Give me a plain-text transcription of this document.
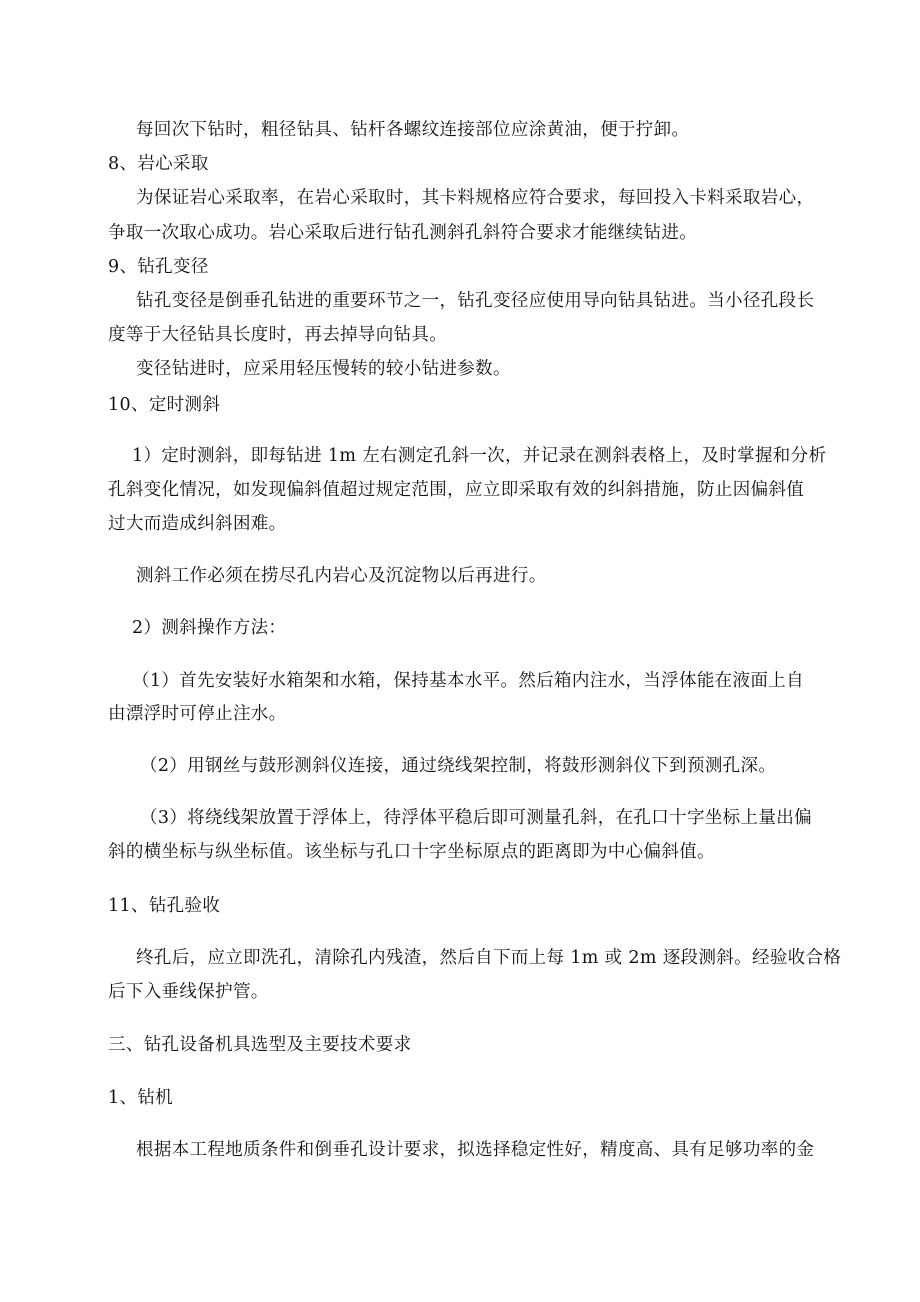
每回次下钻时，粗径钻具、钻杆各螺纹连接部位应涂黄油，便于拧卸。
8、岩心采取
为保证岩心采取率，在岩心采取时，其卡料规格应符合要求，每回投入卡料采取岩心，
争取一次取心成功。岩心采取后进行钻孔测斜孔斜符合要求才能继续钻进。
9、钻孔变径
钻孔变径是倒垂孔钻进的重要环节之一，钻孔变径应使用导向钻具钻进。当小径孔段长
度等于大径钻具长度时，再去掉导向钻具。
变径钻进时，应采用轻压慢转的较小钻进参数。
10、定时测斜
1）定时测斜，即每钻进 1m 左右测定孔斜一次，并记录在测斜表格上，及时掌握和分析
孔斜变化情况，如发现偏斜值超过规定范围，应立即采取有效的纠斜措施，防止因偏斜值
过大而造成纠斜困难。
测斜工作必须在捞尽孔内岩心及沉淀物以后再进行。
2）测斜操作方法：
（1）首先安装好水箱架和水箱，保持基本水平。然后箱内注水，当浮体能在液面上自
由漂浮时可停止注水。
（2）用钢丝与鼓形测斜仪连接，通过绕线架控制，将鼓形测斜仪下到预测孔深。
（3）将绕线架放置于浮体上，待浮体平稳后即可测量孔斜，在孔口十字坐标上量出偏
斜的横坐标与纵坐标值。该坐标与孔口十字坐标原点的距离即为中心偏斜值。
11、钻孔验收
终孔后，应立即洗孔，清除孔内残渣，然后自下而上每 1m 或 2m 逐段测斜。经验收合格
后下入垂线保护管。
三、钻孔设备机具选型及主要技术要求
1、钻机
根据本工程地质条件和倒垂孔设计要求，拟选择稳定性好，精度高、具有足够功率的金
